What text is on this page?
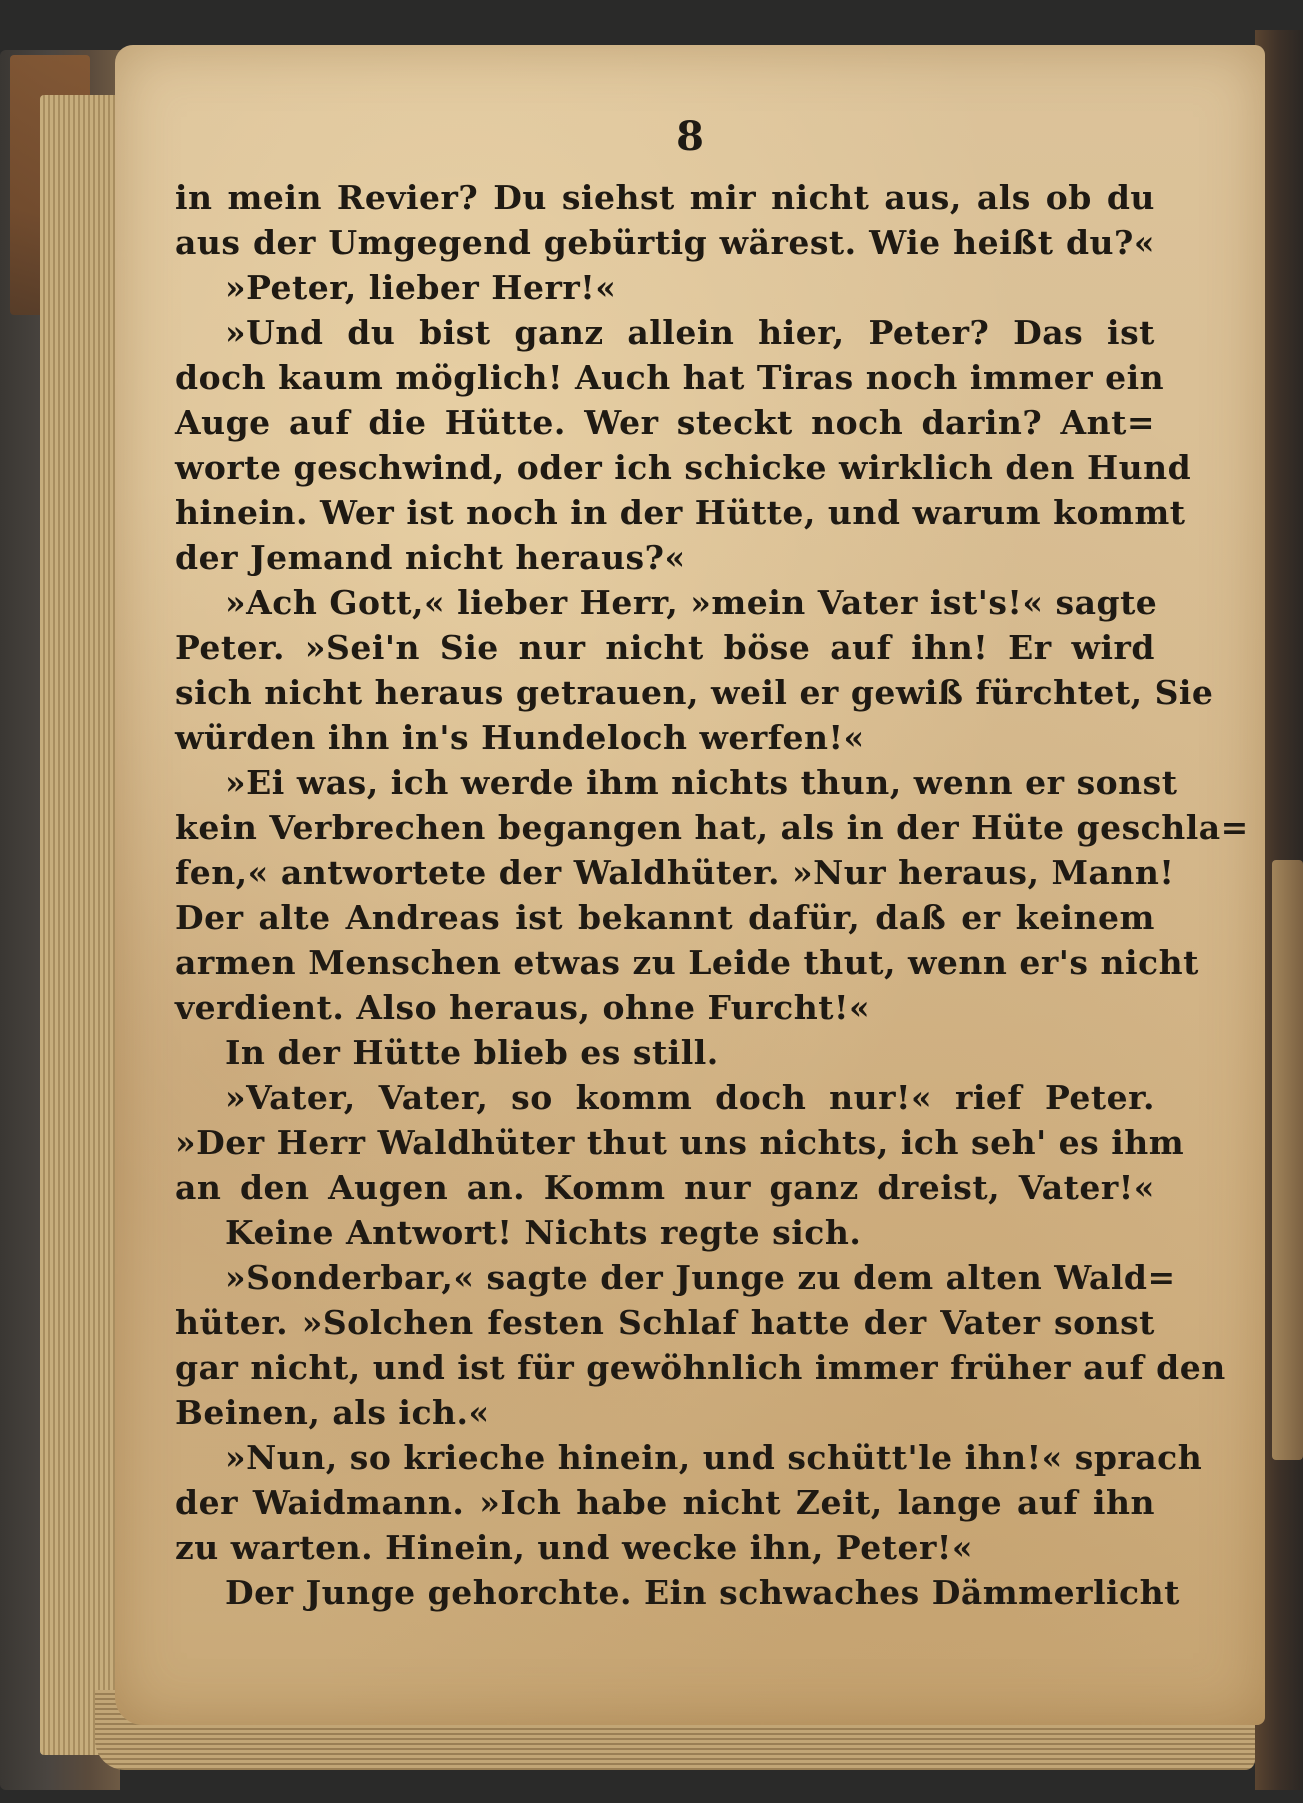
8
in mein Revier? Du siehst mir nicht aus, als ob du
aus der Umgegend gebürtig wärest. Wie heißt du?«
»Peter, lieber Herr!«
»Und du bist ganz allein hier, Peter? Das ist
doch kaum möglich! Auch hat Tiras noch immer ein
Auge auf die Hütte. Wer steckt noch darin? Ant=
worte geschwind, oder ich schicke wirklich den Hund
hinein. Wer ist noch in der Hütte, und warum kommt
der Jemand nicht heraus?«
»Ach Gott,« lieber Herr, »mein Vater ist's!« sagte
Peter. »Sei'n Sie nur nicht böse auf ihn! Er wird
sich nicht heraus getrauen, weil er gewiß fürchtet, Sie
würden ihn in's Hundeloch werfen!«
»Ei was, ich werde ihm nichts thun, wenn er sonst
kein Verbrechen begangen hat, als in der Hüte geschla=
fen,« antwortete der Waldhüter. »Nur heraus, Mann!
Der alte Andreas ist bekannt dafür, daß er keinem
armen Menschen etwas zu Leide thut, wenn er's nicht
verdient. Also heraus, ohne Furcht!«
In der Hütte blieb es still.
»Vater, Vater, so komm doch nur!« rief Peter.
»Der Herr Waldhüter thut uns nichts, ich seh' es ihm
an den Augen an. Komm nur ganz dreist, Vater!«
Keine Antwort! Nichts regte sich.
»Sonderbar,« sagte der Junge zu dem alten Wald=
hüter. »Solchen festen Schlaf hatte der Vater sonst
gar nicht, und ist für gewöhnlich immer früher auf den
Beinen, als ich.«
»Nun, so krieche hinein, und schütt'le ihn!« sprach
der Waidmann. »Ich habe nicht Zeit, lange auf ihn
zu warten. Hinein, und wecke ihn, Peter!«
Der Junge gehorchte. Ein schwaches Dämmerlicht
